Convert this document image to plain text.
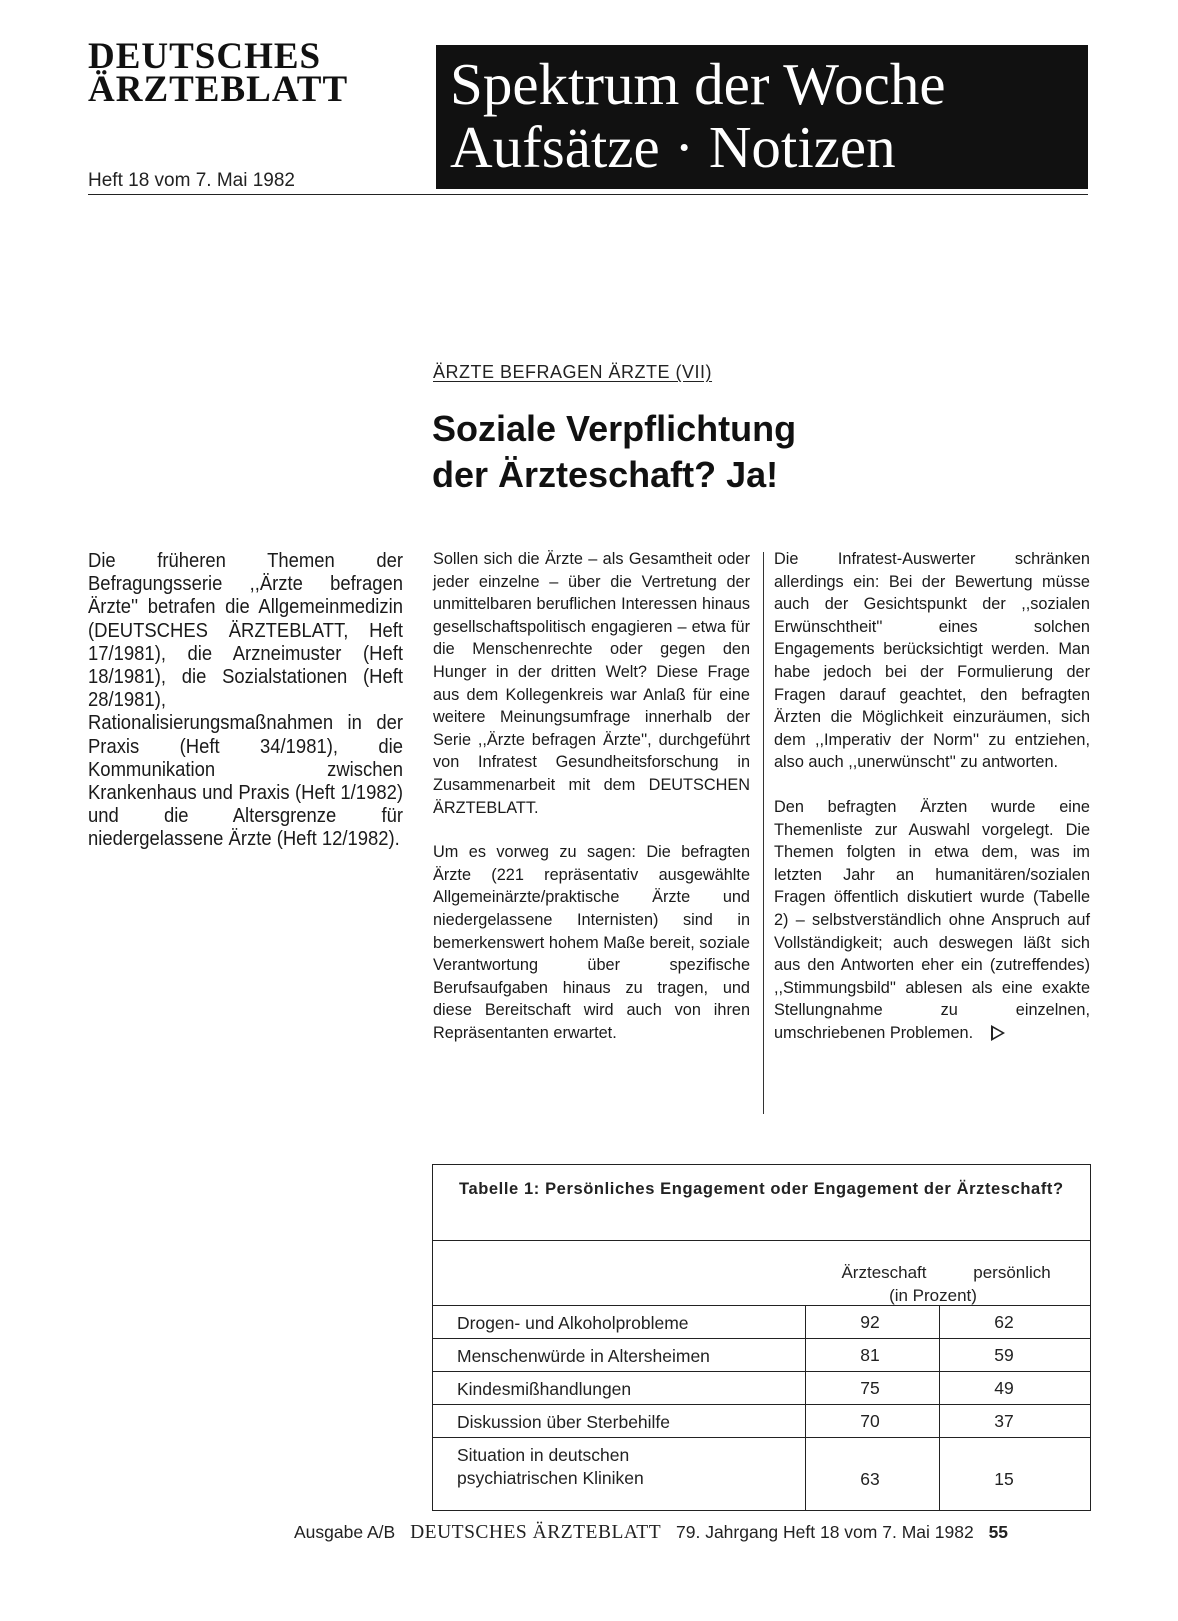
DEUTSCHES
ÄRZTEBLATT
Heft 18 vom 7. Mai 1982
Spektrum der Woche
Aufsätze · Notizen
ÄRZTE BEFRAGEN ÄRZTE (VII)
Soziale Verpflichtung
der Ärzteschaft? Ja!
Die früheren Themen der Befragungsserie ,,Ärzte befragen Ärzte'' betrafen die Allgemeinmedizin (DEUTSCHES ÄRZTEBLATT, Heft 17/1981), die Arzneimuster (Heft 18/1981), die Sozialstationen (Heft 28/1981), Rationalisierungsmaßnahmen in der Praxis (Heft 34/1981), die Kommunikation zwischen Krankenhaus und Praxis (Heft 1/1982) und die Altersgrenze für niedergelassene Ärzte (Heft 12/1982).

Sollen sich die Ärzte – als Gesamtheit oder jeder einzelne – über die Vertretung der unmittelbaren beruflichen Interessen hinaus gesellschaftspolitisch engagieren – etwa für die Menschenrechte oder gegen den Hunger in der dritten Welt? Diese Frage aus dem Kollegenkreis war Anlaß für eine weitere Meinungsumfrage innerhalb der Serie ,,Ärzte befragen Ärzte'', durchgeführt von Infratest Gesundheitsforschung in Zusammenarbeit mit dem DEUTSCHEN ÄRZTEBLATT.

Um es vorweg zu sagen: Die befragten Ärzte (221 repräsentativ ausgewählte Allgemeinärzte/praktische Ärzte und niedergelassene Internisten) sind in bemerkenswert hohem Maße bereit, soziale Verantwortung über spezifische Berufsaufgaben hinaus zu tragen, und diese Bereitschaft wird auch von ihren Repräsentanten erwartet.

Die Infratest-Auswerter schränken allerdings ein: Bei der Bewertung müsse auch der Gesichtspunkt der ,,sozialen Erwünschtheit'' eines solchen Engagements berücksichtigt werden. Man habe jedoch bei der Formulierung der Fragen darauf geachtet, den befragten Ärzten die Möglichkeit einzuräumen, sich dem ,,Imperativ der Norm'' zu entziehen, also auch ,,unerwünscht'' zu antworten.

Den befragten Ärzten wurde eine Themenliste zur Auswahl vorgelegt. Die Themen folgten in etwa dem, was im letzten Jahr an humanitären/sozialen Fragen öffentlich diskutiert wurde (Tabelle 2) – selbstverständlich ohne Anspruch auf Vollständigkeit; auch deswegen läßt sich aus den Antworten eher ein (zutreffendes) ,,Stimmungsbild'' ablesen als eine exakte Stellungnahme zu einzelnen, umschriebenen Problemen.

Tabelle 1: Persönliches Engagement oder Engagement der Ärzteschaft?
Ärzteschaft	persönlich
(in Prozent)
Drogen- und Alkoholprobleme	92	62
Menschenwürde in Altersheimen	81	59
Kindesmißhandlungen	75	49
Diskussion über Sterbehilfe	70	37
Situation in deutschen
psychiatrischen Kliniken	63	15
Ausgabe A/B DEUTSCHES ÄRZTEBLATT 79. Jahrgang Heft 18 vom 7. Mai 1982 55
